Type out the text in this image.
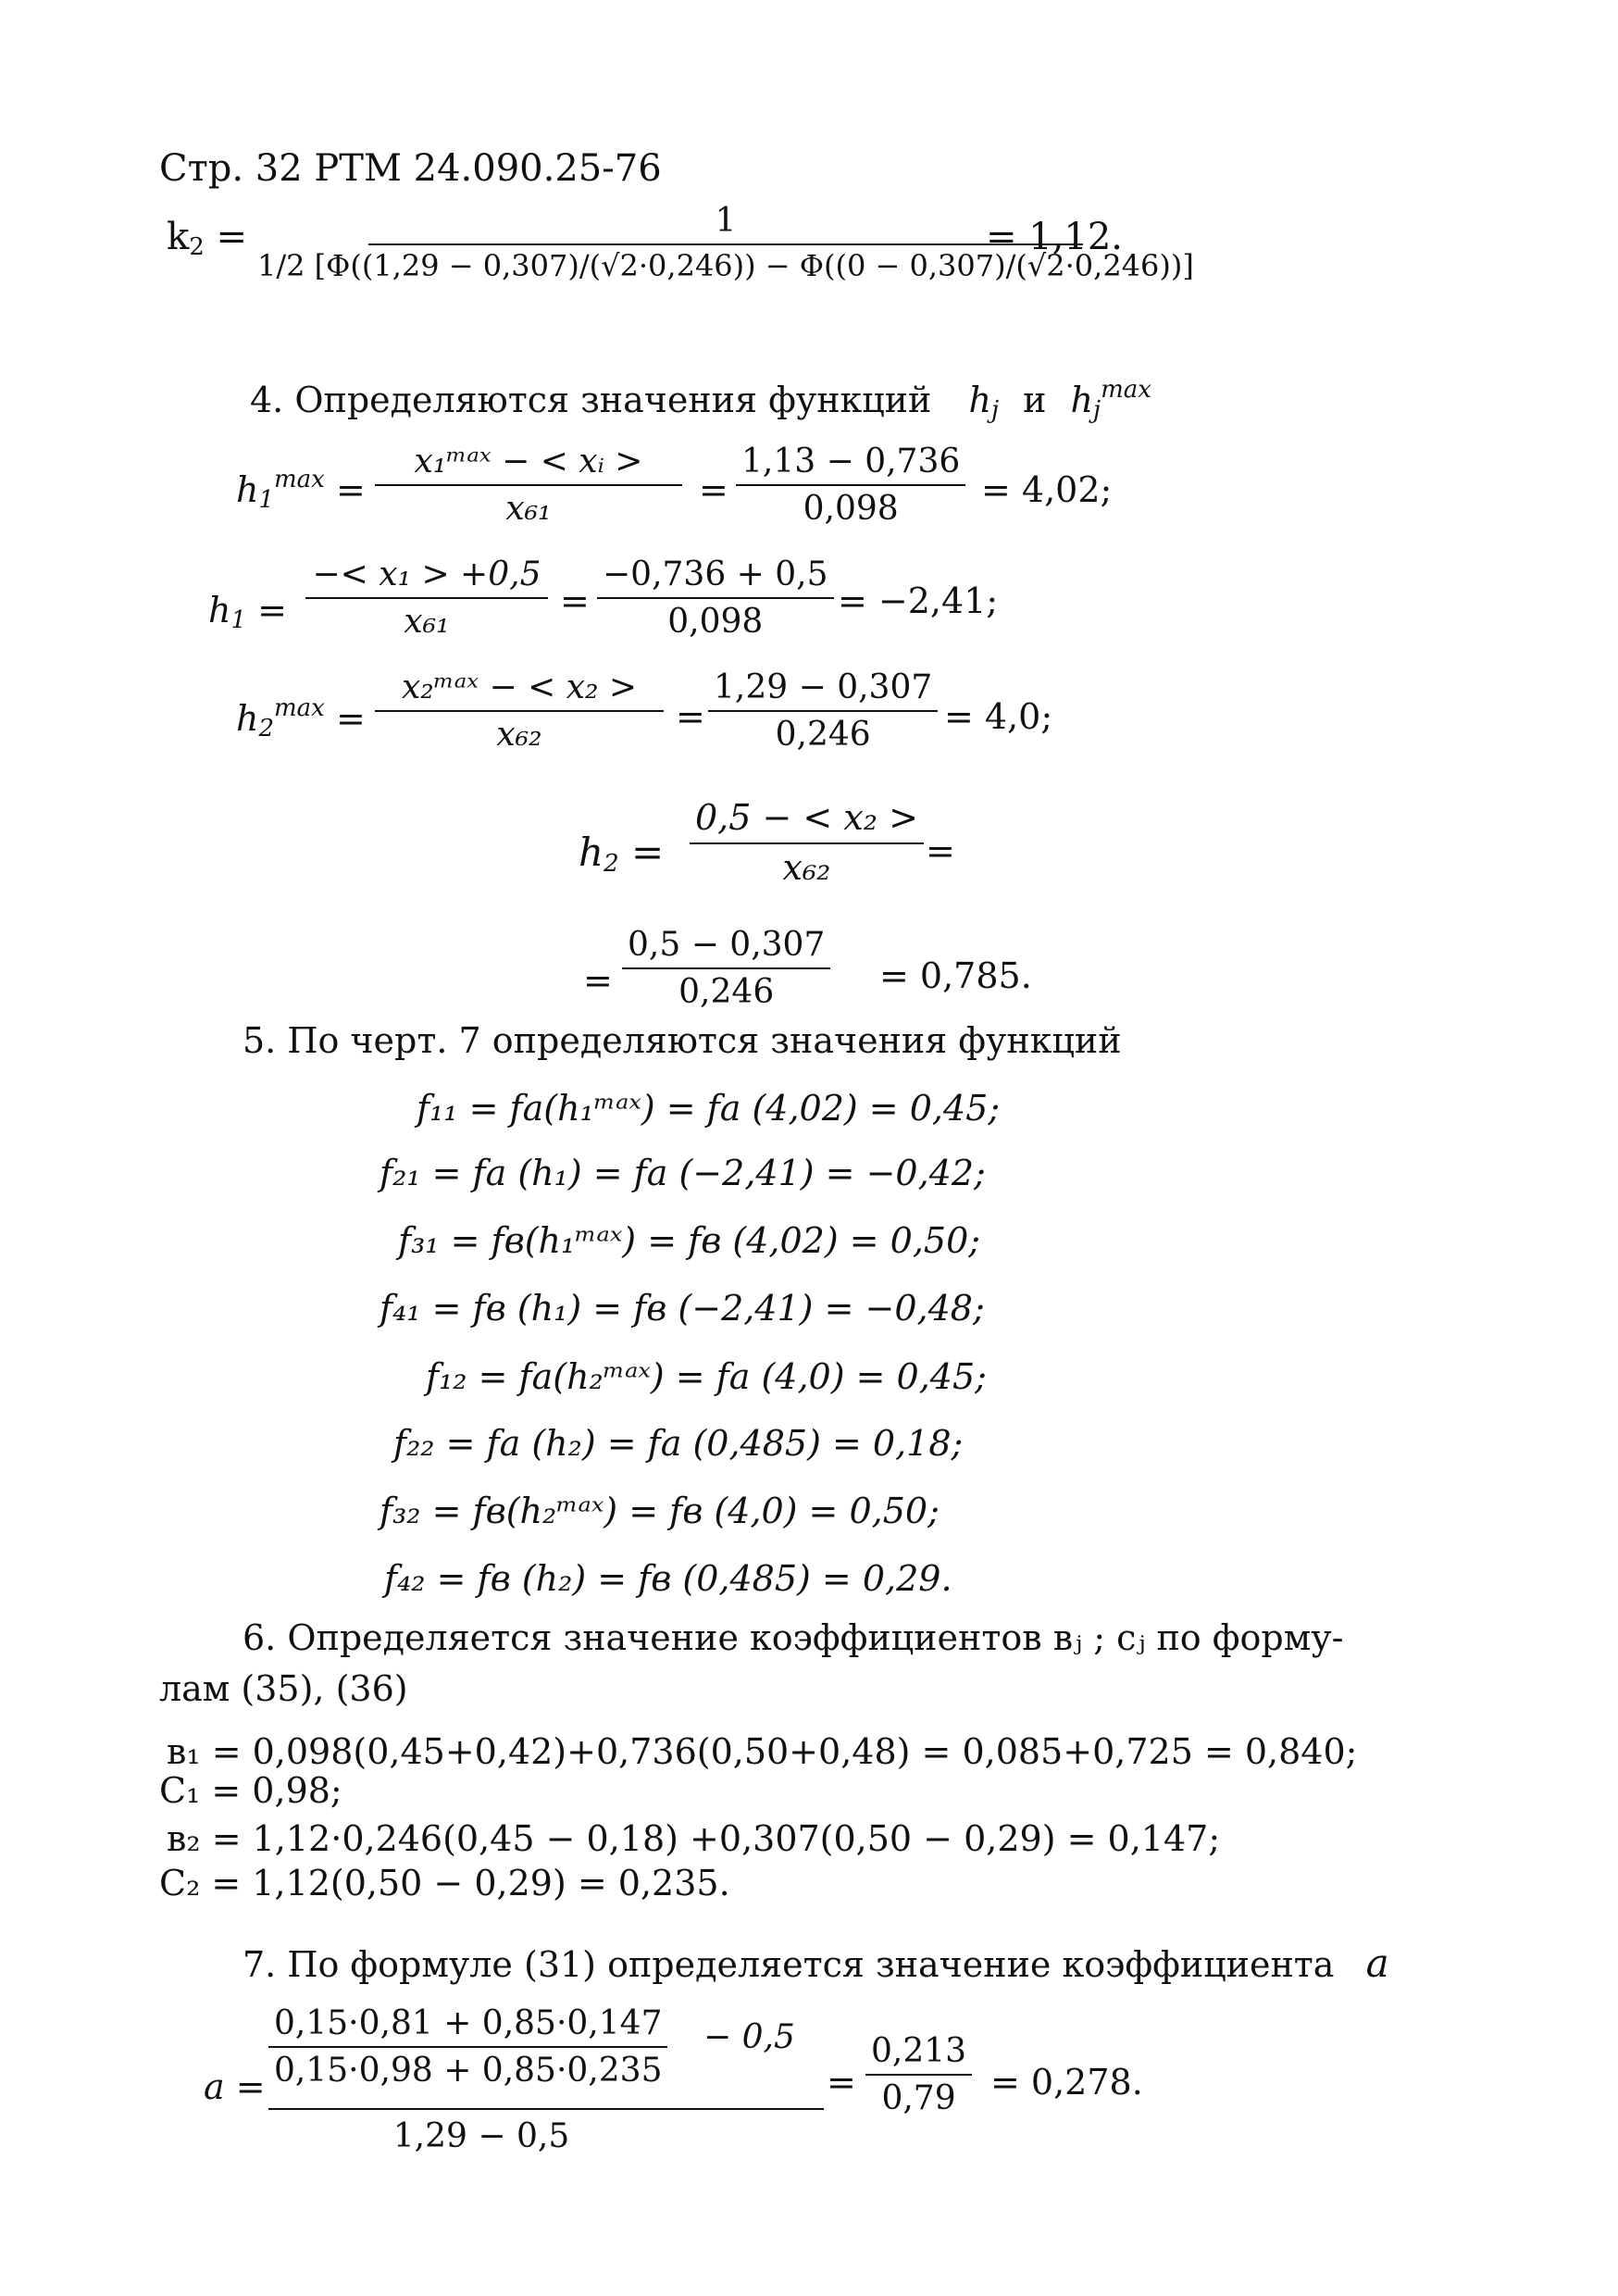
Стр. 32 РТМ 24.090.25-76
$k_2$ =	1
1/2 [Φ((1,29 − 0,307)/(√2·0,246)) − Φ((0 − 0,307)/(√2·0,246))]
= 1,12.
4. Определяются значения функций $h_j$ и $h_j^{max}$
$h_1^{max}$ =
x₁ᵐᵃˣ − < xᵢ >
x₆₁	= $\frac{1,13 - 0,736}{0,098} = 4,02$;
$h_1 = \frac{\text{−< x₁ > +0,5}}{\text{x₆₁}} = \frac{-0,736 + 0,5}{0,098} = -2,41$;
$h_2^{max}$ =
x₂ᵐᵃˣ − < x₂ >
x₆₂	= $\frac{1,29 - 0,307}{0,246} = 4,0$;
$h_2 = \frac{\text{0,5 − < x₂ >}}{\text{x₆₂}}$ =
= $\frac{0,5 - 0,307}{0,246} = 0,785$.
5. По черт. 7 определяются значения функций
f₁₁ = fa(h₁ᵐᵃˣ) = fa (4,02) = 0,45;
f₂₁ = fa (h₁) = fa (−2,41) = −0,42;
f₃₁ = fв(h₁ᵐᵃˣ) = fв (4,02) = 0,50;
f₄₁ = fв (h₁) = fв (−2,41) = −0,48;
f₁₂ = fa(h₂ᵐᵃˣ) = fa (4,0) = 0,45;
f₂₂ = fa (h₂) = fa (0,485) = 0,18;
f₃₂ = fв(h₂ᵐᵃˣ) = fв (4,0) = 0,50;
f₄₂ = fв (h₂) = fв (0,485) = 0,29.
6. Определяется значение коэффициентов вⱼ ; cⱼ по форму-
лам (35), (36)
в₁ = 0,098(0,45+0,42)+0,736(0,50+0,48) = 0,085+0,725 = 0,840;
C₁ = 0,98;
в₂ = 1,12·0,246(0,45 − 0,18) +0,307(0,50 − 0,29) = 0,147;
C₂ = 1,12(0,50 − 0,29) = 0,235.
7. По формуле (31) определяется значение коэффициента a
$a = \frac{0,15\cdot 0,81 + 0,85\cdot 0,147}{0,15\cdot 0,98 + 0,85\cdot 0,235} - 0,5$
1,29 − 0,5
= $\frac{0,213}{0,79} = 0,278$.
